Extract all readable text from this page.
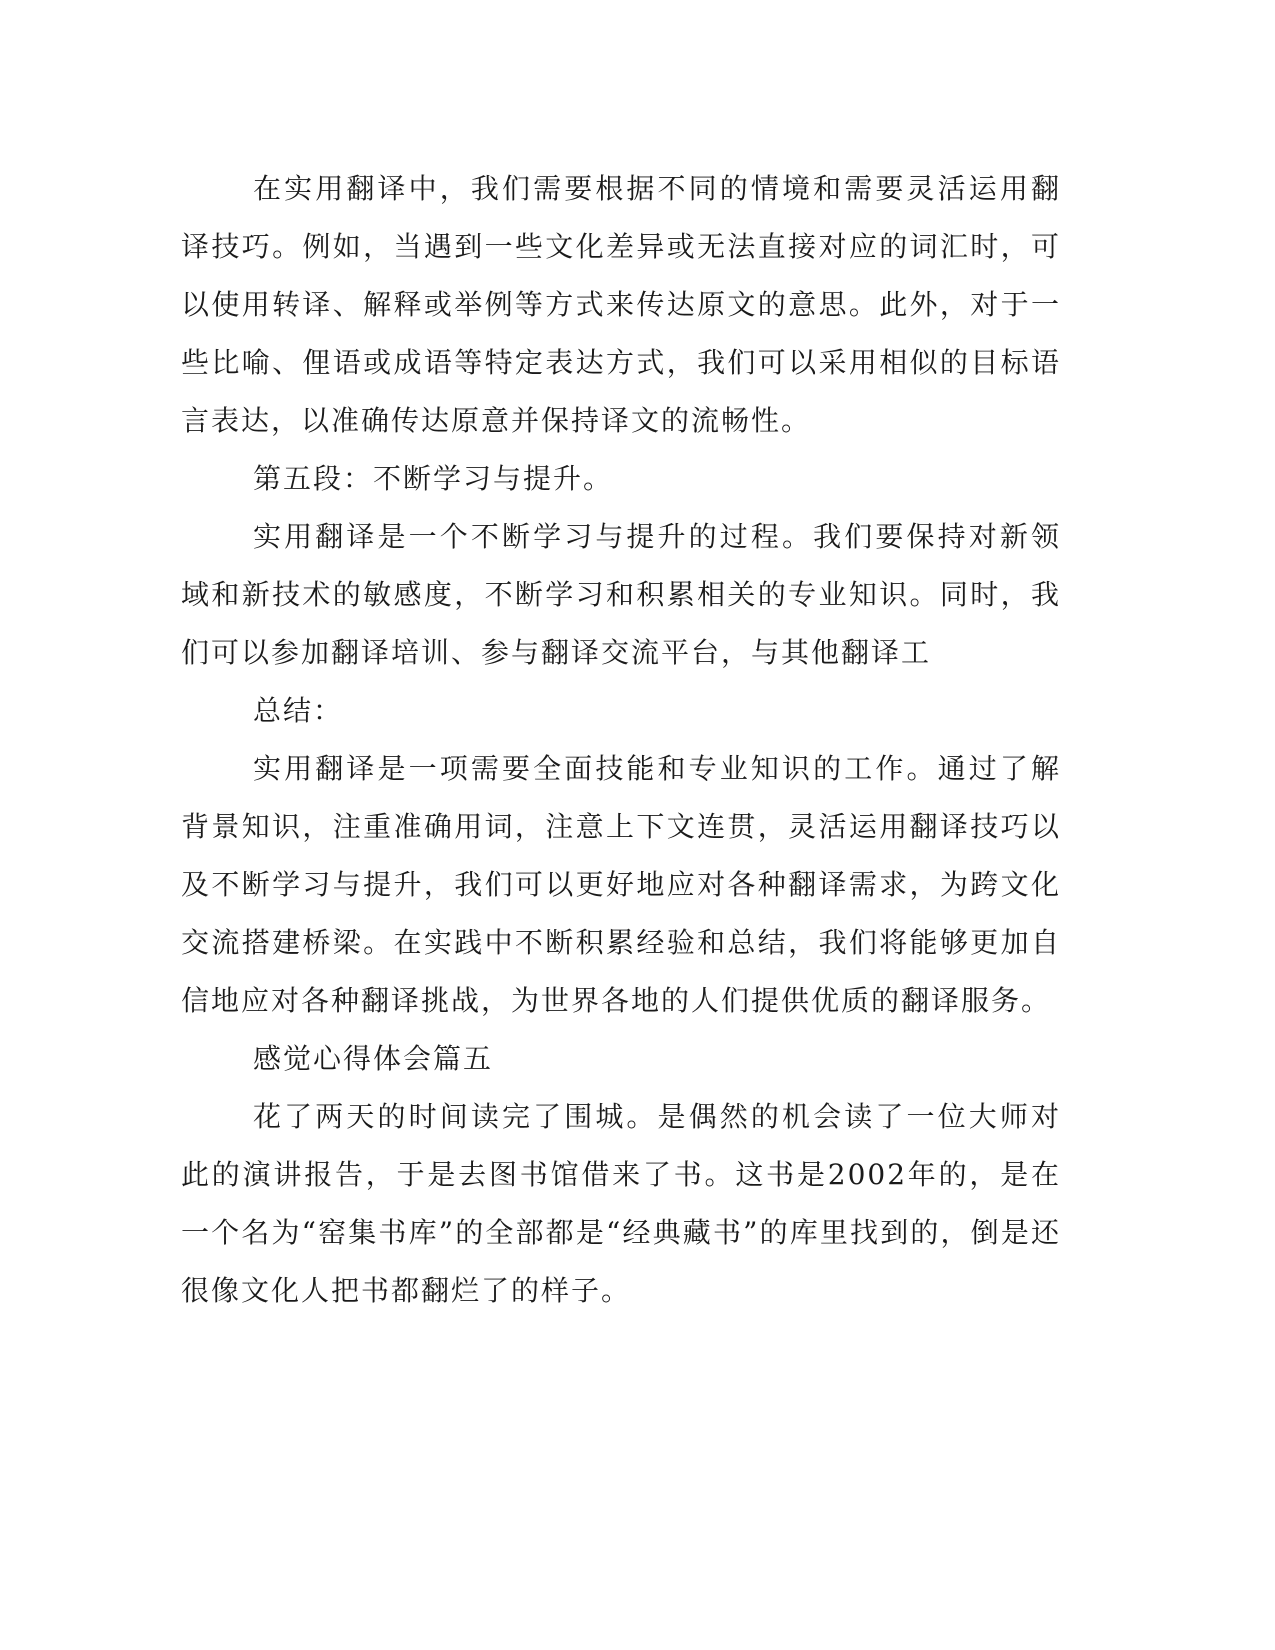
在实用翻译中，我们需要根据不同的情境和需要灵活运用翻译技巧。例如，当遇到一些文化差异或无法直接对应的词汇时，可以使用转译、解释或举例等方式来传达原文的意思。此外，对于一些比喻、俚语或成语等特定表达方式，我们可以采用相似的目标语言表达，以准确传达原意并保持译文的流畅性。

第五段：不断学习与提升。

实用翻译是一个不断学习与提升的过程。我们要保持对新领域和新技术的敏感度，不断学习和积累相关的专业知识。同时，我们可以参加翻译培训、参与翻译交流平台，与其他翻译工

总结：

实用翻译是一项需要全面技能和专业知识的工作。通过了解背景知识，注重准确用词，注意上下文连贯，灵活运用翻译技巧以及不断学习与提升，我们可以更好地应对各种翻译需求，为跨文化交流搭建桥梁。在实践中不断积累经验和总结，我们将能够更加自信地应对各种翻译挑战，为世界各地的人们提供优质的翻译服务。

感觉心得体会篇五

花了两天的时间读完了围城。是偶然的机会读了一位大师对此的演讲报告，于是去图书馆借来了书。这书是2002年的，是在一个名为“窑集书库”的全部都是“经典藏书”的库里找到的，倒是还很像文化人把书都翻烂了的样子。
